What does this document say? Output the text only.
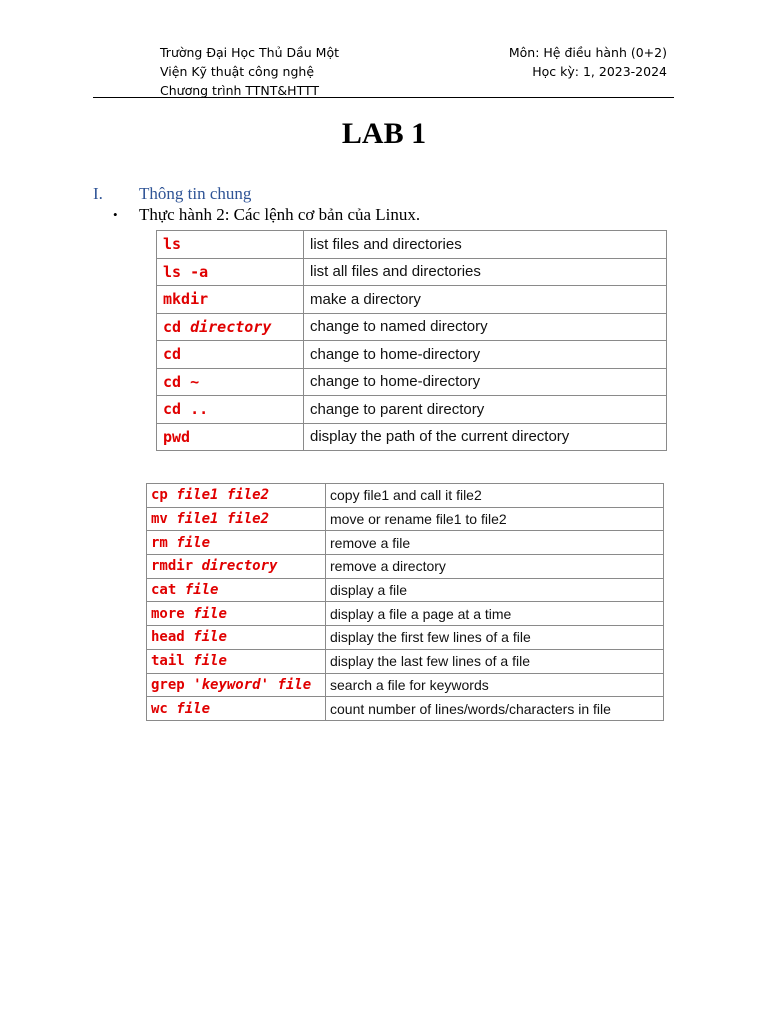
Trường Đại Học Thủ Dầu Một	Môn: Hệ điều hành (0+2)
Viện Kỹ thuật công nghệ	Học kỳ: 1, 2023-2024
Chương trình TTNT&HTTT
LAB 1
I. Thông tin chung
• Thực hành 2: Các lệnh cơ bản của Linux.
ls	list files and directories
ls -a	list all files and directories
mkdir	make a directory
cd directory	change to named directory
cd	change to home-directory
cd ~	change to home-directory
cd ..	change to parent directory
pwd	display the path of the current directory
cp file1 file2	copy file1 and call it file2
mv file1 file2	move or rename file1 to file2
rm file	remove a file
rmdir directory	remove a directory
cat file	display a file
more file	display a file a page at a time
head file	display the first few lines of a file
tail file	display the last few lines of a file
grep 'keyword' file	search a file for keywords
wc file	count number of lines/words/characters in file
